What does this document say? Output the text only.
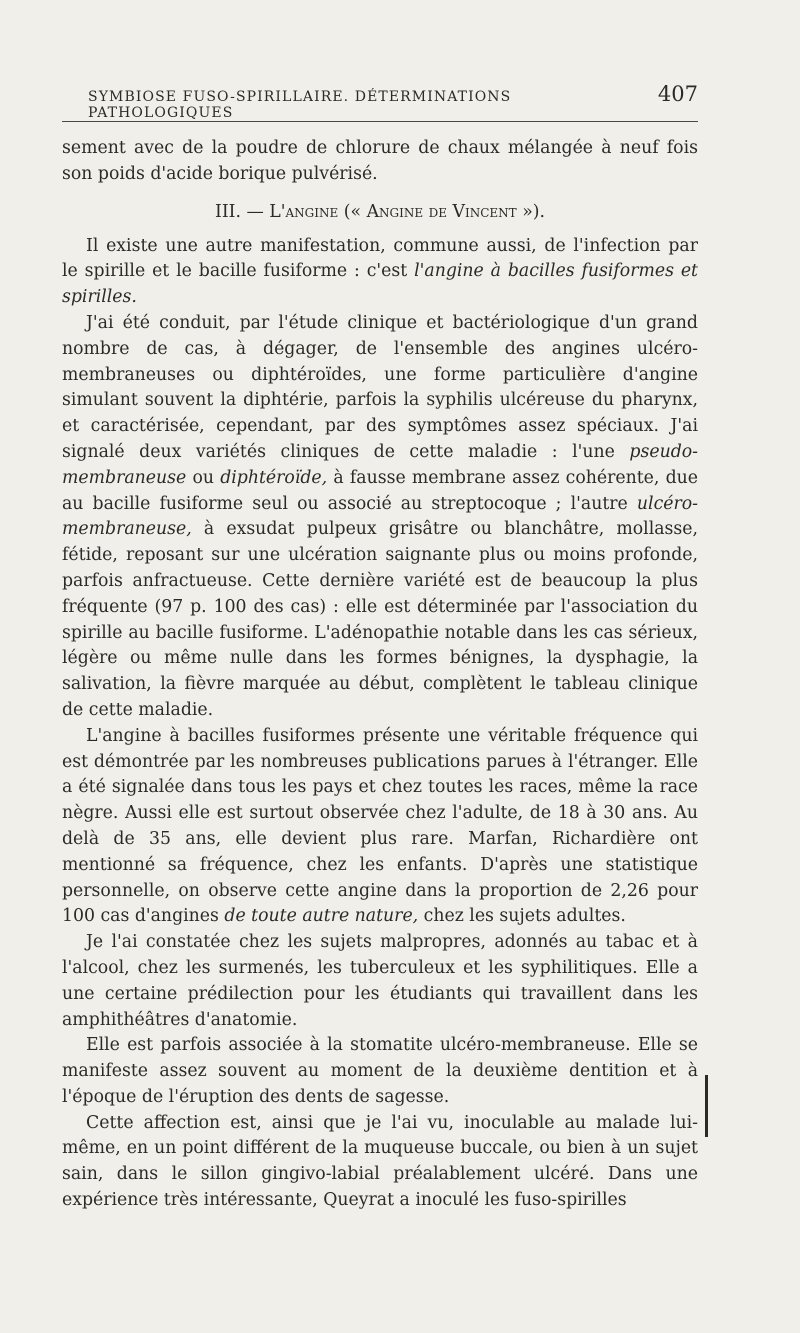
SYMBIOSE FUSO-SPIRILLAIRE. DÉTERMINATIONS PATHOLOGIQUES
407

sement avec de la poudre de chlorure de chaux mélangée à neuf fois son poids d'acide borique pulvérisé.

III. — L'angine (« Angine de Vincent »).

Il existe une autre manifestation, commune aussi, de l'infection par le spirille et le bacille fusiforme : c'est l'angine à bacilles fusiformes et spirilles.

J'ai été conduit, par l'étude clinique et bactériologique d'un grand nombre de cas, à dégager, de l'ensemble des angines ulcéro-membraneuses ou diphtéroïdes, une forme particulière d'angine simulant souvent la diphtérie, parfois la syphilis ulcéreuse du pharynx, et caractérisée, cependant, par des symptômes assez spéciaux. J'ai signalé deux variétés cliniques de cette maladie : l'une pseudo-membraneuse ou diphtéroïde, à fausse membrane assez cohérente, due au bacille fusiforme seul ou associé au streptocoque ; l'autre ulcéro-membraneuse, à exsudat pulpeux grisâtre ou blanchâtre, mollasse, fétide, reposant sur une ulcération saignante plus ou moins profonde, parfois anfractueuse. Cette dernière variété est de beaucoup la plus fréquente (97 p. 100 des cas) : elle est déterminée par l'association du spirille au bacille fusiforme. L'adénopathie notable dans les cas sérieux, légère ou même nulle dans les formes bénignes, la dysphagie, la salivation, la fièvre marquée au début, complètent le tableau clinique de cette maladie.

L'angine à bacilles fusiformes présente une véritable fréquence qui est démontrée par les nombreuses publications parues à l'étranger. Elle a été signalée dans tous les pays et chez toutes les races, même la race nègre. Aussi elle est surtout observée chez l'adulte, de 18 à 30 ans. Au delà de 35 ans, elle devient plus rare. Marfan, Richardière ont mentionné sa fréquence, chez les enfants. D'après une statistique personnelle, on observe cette angine dans la proportion de 2,26 pour 100 cas d'angines de toute autre nature, chez les sujets adultes.

Je l'ai constatée chez les sujets malpropres, adonnés au tabac et à l'alcool, chez les surmenés, les tuberculeux et les syphilitiques. Elle a une certaine prédilection pour les étudiants qui travaillent dans les amphithéâtres d'anatomie.

Elle est parfois associée à la stomatite ulcéro-membraneuse. Elle se manifeste assez souvent au moment de la deuxième dentition et à l'époque de l'éruption des dents de sagesse.

Cette affection est, ainsi que je l'ai vu, inoculable au malade lui-même, en un point différent de la muqueuse buccale, ou bien à un sujet sain, dans le sillon gingivo-labial préalablement ulcéré. Dans une expérience très intéressante, Queyrat a inoculé les fuso-spirilles
